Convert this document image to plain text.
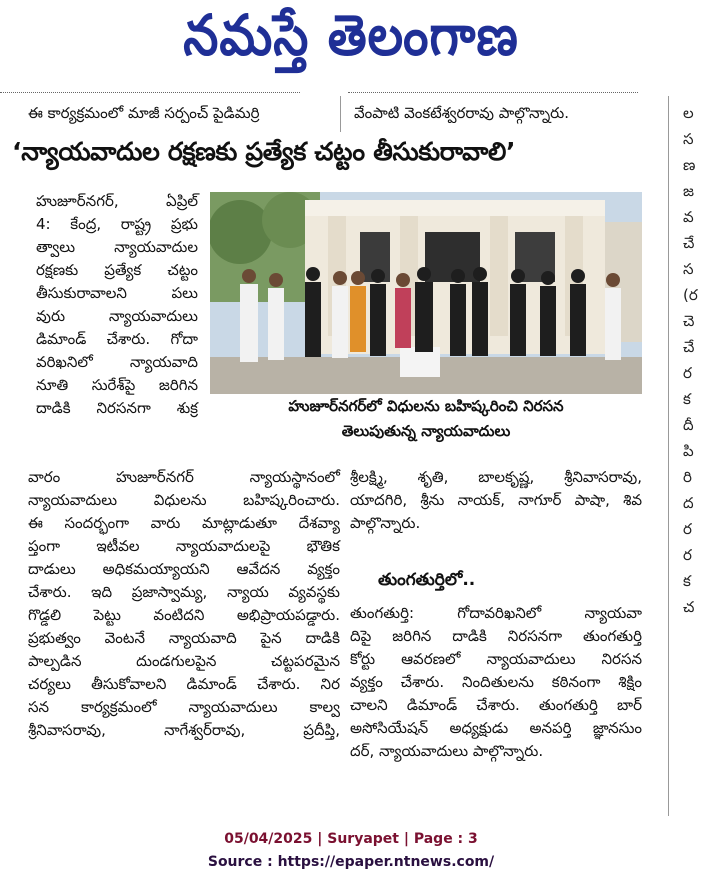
నమస్తే తెలంగాణ
ఈ కార్యక్రమంలో మాజీ సర్పంచ్ పైడిమర్రి	వేంపాటి వెంకటేశ్వరరావు పాల్గొన్నారు.
‘న్యాయవాదుల రక్షణకు ప్రత్యేక చట్టం తీసుకురావాలి’

హుజూర్‌నగర్, ఏప్రిల్

4: కేంద్ర, రాష్ట్ర ప్రభు

త్వాలు న్యాయవాదుల

రక్షణకు ప్రత్యేక చట్టం

తీసుకురావాలని పలు

వురు న్యాయవాదులు

డిమాండ్ చేశారు. గోదా

వరిఖనిలో న్యాయవాది

నూతి సురేశ్‌పై జరిగిన

దాడికి నిరసనగా శుక్ర	హుజూర్‌నగర్‌లో విధులను బహిష్కరించి నిరసన
తెలుపుతున్న న్యాయవాదులు

వారం హుజూర్‌నగర్ న్యాయస్థానంలో

న్యాయవాదులు విధులను బహిష్కరించారు.

ఈ సందర్భంగా వారు మాట్లాడుతూ దేశవ్యా

ప్తంగా ఇటీవల న్యాయవాదులపై భౌతిక

దాడులు అధికమయ్యాయని ఆవేదన వ్యక్తం

చేశారు. ఇది ప్రజాస్వామ్య, న్యాయ వ్యవస్థకు

గొడ్డలి పెట్టు వంటిదని అభిప్రాయపడ్డారు.

ప్రభుత్వం వెంటనే న్యాయవాది పైన దాడికి

పాల్పడిన దుండగులపైన చట్టపరమైన

చర్యలు తీసుకోవాలని డిమాండ్ చేశారు. నిర

సన కార్యక్రమంలో న్యాయవాదులు కాల్వ

శ్రీనివాసరావు, నాగేశ్వర్‌రావు, ప్రదీప్తి,

శ్రీలక్ష్మి, శృతి, బాలకృష్ణ, శ్రీనివాసరావు,

యాదగిరి, శ్రీను నాయక్, నాగూర్ పాషా, శివ

పాల్గొన్నారు.

తుంగతుర్తిలో..

తుంగతుర్తి: గోదావరిఖనిలో న్యాయవా

దిపై జరిగిన దాడికి నిరసనగా తుంగతుర్తి

కోర్టు ఆవరణలో న్యాయవాదులు నిరసన

వ్యక్తం చేశారు. నిందితులను కఠినంగా శిక్షిం

చాలని డిమాండ్ చేశారు. తుంగతుర్తి బార్

అసోసియేషన్ అధ్యక్షుడు అనపర్తి జ్ఞానసుం

దర్, న్యాయవాదులు పాల్గొన్నారు.

ల
స
ణ
జ
వ
చే
స
(ర
చె
చే
ర
క
దీ
పి
రి
ద
ర
ర
క
చ
05/04/2025 | Suryapet | Page : 3
Source : https://epaper.ntnews.com/
